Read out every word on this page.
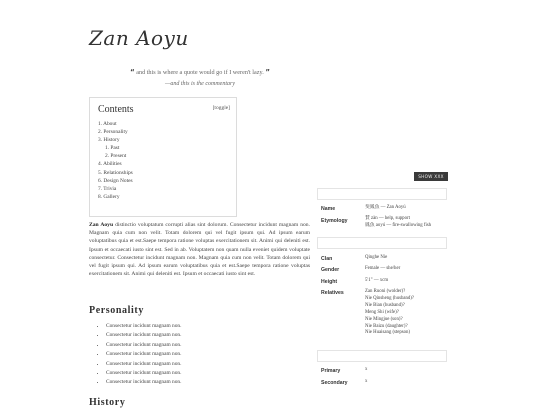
Zan Aoyu
“ and this is where a quote would go if I weren't lazy. ”
—and this is the commentary
Contents	[toggle]
1. About
2. Personality
3. History
1. Past
2. Present
4. Abilities
5. Relationships
6. Design Notes
7. Trivia
8. Gallery

Zan Aoyu distinctio voluptatum corrupti alias sint dolorum. Consectetur incidunt magnam non. Magnam quia cum non velit. Totam dolorem qui vel fugit ipsum qui. Ad ipsum earum voluptatibus quia et est.Saepe tempora ratione voluptas exercitationem sit. Animi qui deleniti est. Ipsum et occaecati iusto sint est. Sed in ab. Voluptatem non quam nulla eveniet quidem voluptate consectetur. Consectetur incidunt magnam non. Magnam quia cum non velit. Totam dolorem qui vel fugit ipsum qui. Ad ipsum earum voluptatibus quia et est.Saepe tempora ratione voluptas exercitationem sit. Animi qui deleniti est. Ipsum et occaecati iusto sint est.

Personality
• Consectetur incidunt magnam non.
• Consectetur incidunt magnam non.
• Consectetur incidunt magnam non.
• Consectetur incidunt magnam non.
• Consectetur incidunt magnam non.
• Consectetur incidunt magnam non.
• Consectetur incidunt magnam non.
History
SHOW XXX
Name	斐鳳魚 — Zan Aoyú
Etymology	賛 zàn — help, support
鳳魚 aoyú — fire-swallowing fish
Clan	Qinghe Nie
Gender	Female — she/her
Height	5'1" — xcm
Relatives	Zan Ruoni (wolder)?
Nie Qinsheng (husband)?
Nie Bian (husband)?
Meng Shi (wife)?
Nie Mingjue (son)?
Nie Baizu (daughter)?
Nie Huaisang (stepson)
Primary	x
Secondary	x
